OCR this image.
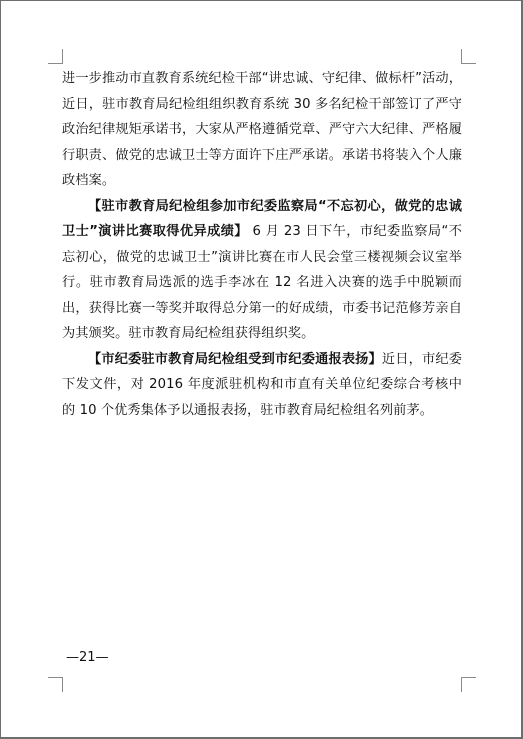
进一步推动市直教育系统纪检干部“讲忠诚、守纪律、做标杆”活动，近日，驻市教育局纪检组组织教育系统 30 多名纪检干部签订了严守政治纪律规矩承诺书，大家从严格遵循党章、严守六大纪律、严格履行职责、做党的忠诚卫士等方面许下庄严承诺。承诺书将装入个人廉政档案。

【驻市教育局纪检组参加市纪委监察局“不忘初心，做党的忠诚卫士”演讲比赛取得优异成绩】 6 月 23 日下午，市纪委监察局“不忘初心，做党的忠诚卫士”演讲比赛在市人民会堂三楼视频会议室举行。驻市教育局选派的选手李冰在 12 名进入决赛的选手中脱颖而出，获得比赛一等奖并取得总分第一的好成绩，市委书记范修芳亲自为其颁奖。驻市教育局纪检组获得组织奖。

【市纪委驻市教育局纪检组受到市纪委通报表扬】近日，市纪委下发文件，对 2016 年度派驻机构和市直有关单位纪委综合考核中的 10 个优秀集体予以通报表扬，驻市教育局纪检组名列前茅。

—21—
